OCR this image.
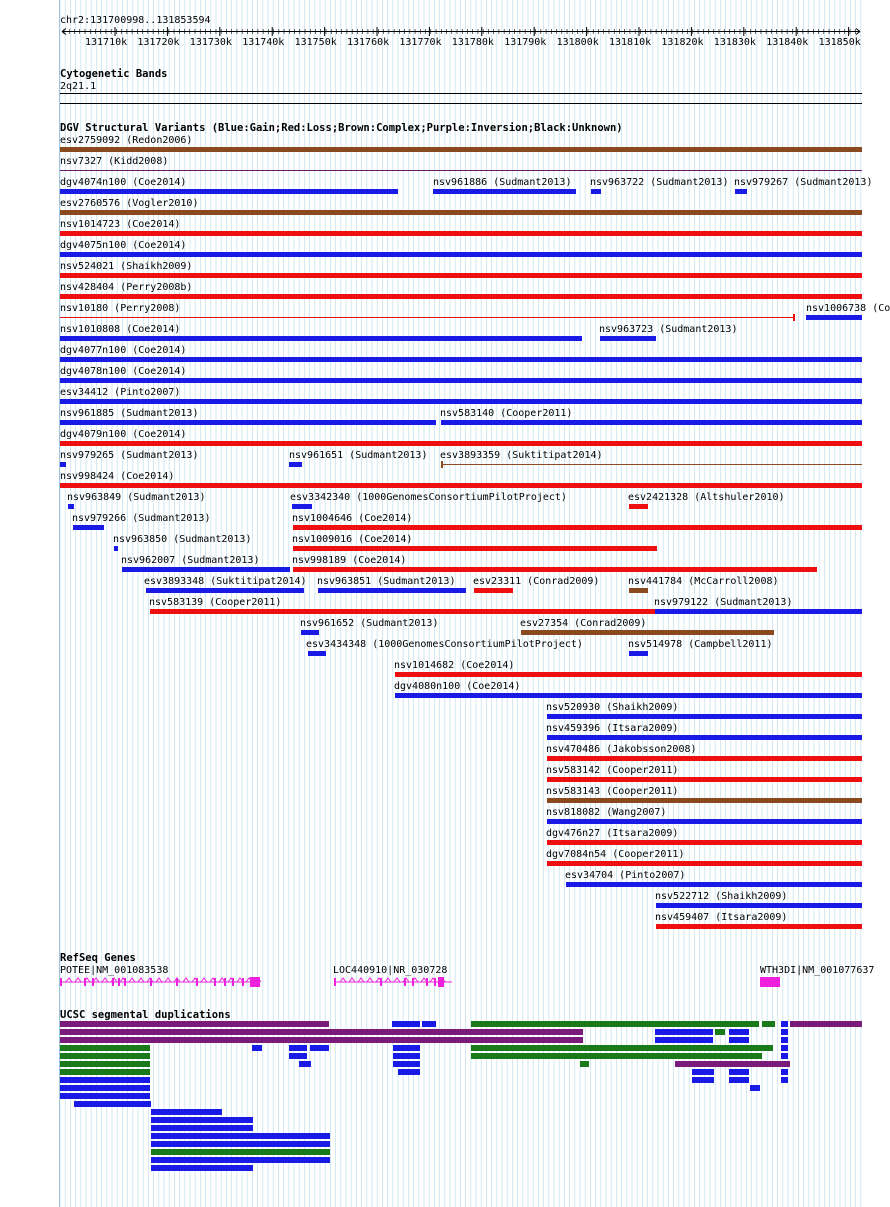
chr2:131700998..131853594
131710k 131720k 131730k 131740k 131750k 131760k 131770k 131780k 131790k 131800k 131810k 131820k 131830k 131840k 131850k
Cytogenetic Bands
2q21.1
DGV Structural Variants (Blue:Gain;Red:Loss;Brown:Complex;Purple:Inversion;Black:Unknown)
esv2759092 (Redon2006)
nsv7327 (Kidd2008)
dgv4074n100 (Coe2014)	nsv961886 (Sudmant2013) nsv963722 (Sudmant2013) nsv979267 (Sudmant2013)
esv2760576 (Vogler2010)
nsv1014723 (Coe2014)
dgv4075n100 (Coe2014)
nsv524021 (Shaikh2009)
nsv428404 (Perry2008b)
nsv10180 (Perry2008)	nsv1006738 (Co
nsv1010808 (Coe2014)	nsv963723 (Sudmant2013)
dgv4077n100 (Coe2014)
dgv4078n100 (Coe2014)
esv34412 (Pinto2007)
nsv961885 (Sudmant2013)	nsv583140 (Cooper2011)
dgv4079n100 (Coe2014)
nsv979265 (Sudmant2013)	nsv961651 (Sudmant2013) esv3893359 (Suktitipat2014)
nsv998424 (Coe2014)
nsv963849 (Sudmant2013)	esv3342340 (1000GenomesConsortiumPilotProject)	esv2421328 (Altshuler2010)
nsv979266 (Sudmant2013)	nsv1004646 (Coe2014)
nsv963850 (Sudmant2013)	nsv1009016 (Coe2014)
nsv962007 (Sudmant2013)	nsv998189 (Coe2014)
esv3893348 (Suktitipat2014) nsv963851 (Sudmant2013) esv23311 (Conrad2009)	nsv441784 (McCarroll2008)
nsv583139 (Cooper2011)	nsv979122 (Sudmant2013)
nsv961652 (Sudmant2013)	esv27354 (Conrad2009)
esv3434348 (1000GenomesConsortiumPilotProject)	nsv514978 (Campbell2011)
nsv1014682 (Coe2014)
dgv4080n100 (Coe2014)
nsv520930 (Shaikh2009)
nsv459396 (Itsara2009)
nsv470486 (Jakobsson2008)
nsv583142 (Cooper2011)
nsv583143 (Cooper2011)
nsv818082 (Wang2007)
dgv476n27 (Itsara2009)
dgv7084n54 (Cooper2011)
esv34704 (Pinto2007)
nsv522712 (Shaikh2009)
nsv459407 (Itsara2009)
RefSeq Genes
POTEE|NM_001083538	LOC440910|NR_030728	WTH3DI|NM_001077637
UCSC segmental duplications
